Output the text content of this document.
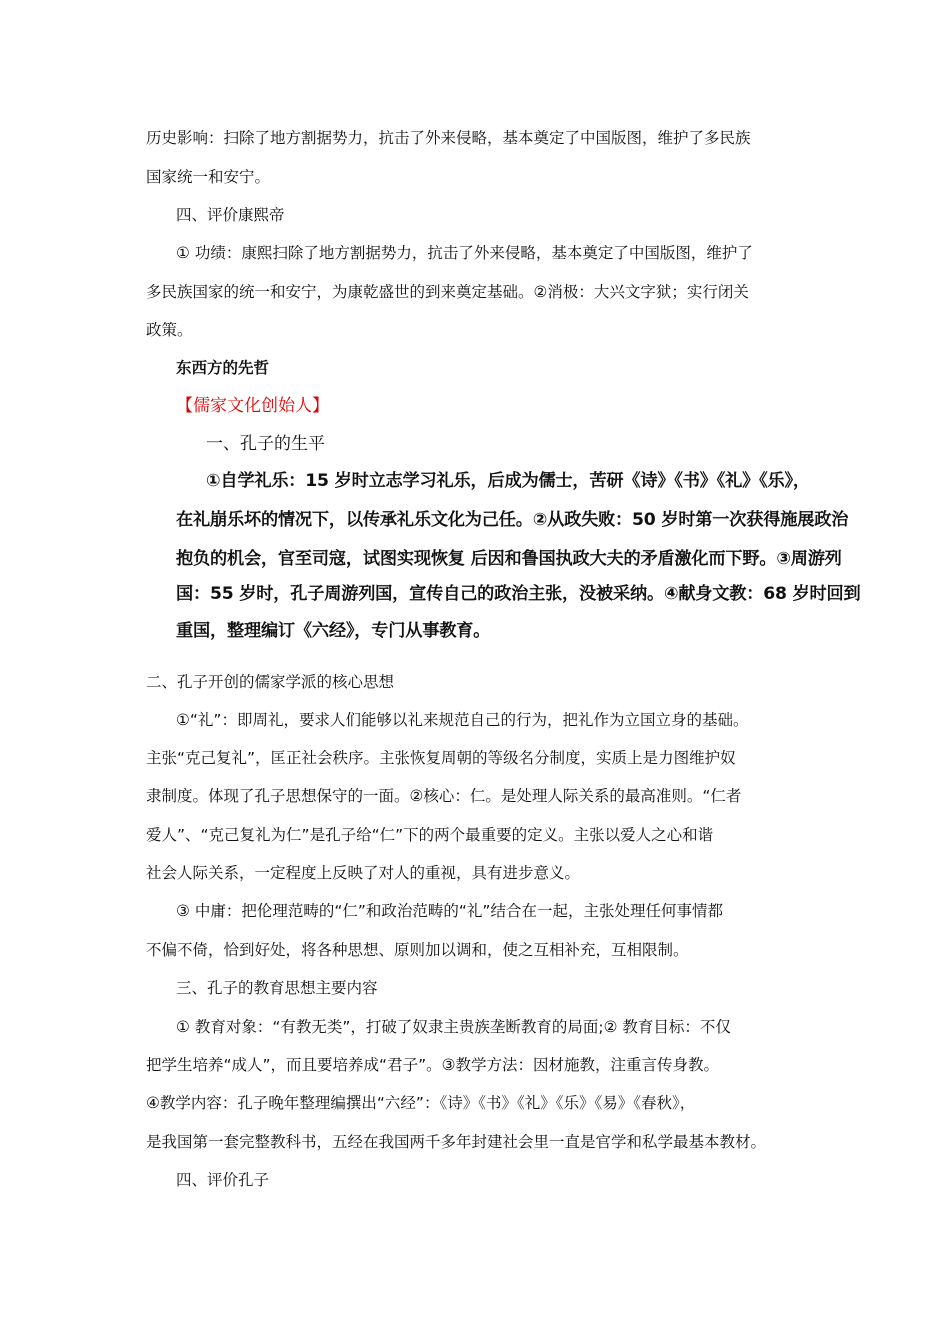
历史影响：扫除了地方割据势力，抗击了外来侵略，基本奠定了中国版图，维护了多民族
国家统一和安宁。
四、评价康熙帝
① 功绩：康熙扫除了地方割据势力，抗击了外来侵略，基本奠定了中国版图，维护了
多民族国家的统一和安宁，为康乾盛世的到来奠定基础。②消极：大兴文字狱；实行闭关
政策。
东西方的先哲
【儒家文化创始人】
一、孔子的生平
①自学礼乐：15 岁时立志学习礼乐，后成为儒士，苦研《诗》《书》《礼》《乐》，
在礼崩乐坏的情况下，以传承礼乐文化为己任。②从政失败：50 岁时第一次获得施展政治
抱负的机会，官至司寇，试图实现恢复 后因和鲁国执政大夫的矛盾激化而下野。③周游列
国：55 岁时，孔子周游列国，宣传自己的政治主张，没被采纳。④献身文教：68 岁时回到
重国，整理编订《六经》，专门从事教育。
二、孔子开创的儒家学派的核心思想
①“礼”：即周礼，要求人们能够以礼来规范自己的行为，把礼作为立国立身的基础。
主张“克己复礼”，匡正社会秩序。主张恢复周朝的等级名分制度，实质上是力图维护奴
隶制度。体现了孔子思想保守的一面。②核心：仁。是处理人际关系的最高准则。“仁者
爱人”、“克己复礼为仁”是孔子给“仁”下的两个最重要的定义。主张以爱人之心和谐
社会人际关系，一定程度上反映了对人的重视，具有进步意义。
③ 中庸：把伦理范畴的“仁”和政治范畴的“礼”结合在一起，主张处理任何事情都
不偏不倚，恰到好处，将各种思想、原则加以调和，使之互相补充，互相限制。
三、孔子的教育思想主要内容
① 教育对象：“有教无类”，打破了奴隶主贵族垄断教育的局面;② 教育目标：不仅
把学生培养“成人”，而且要培养成“君子”。③教学方法：因材施教，注重言传身教。
④教学内容：孔子晚年整理编撰出“六经”：《诗》《书》《礼》《乐》《易》《春秋》，
是我国第一套完整教科书，五经在我国两千多年封建社会里一直是官学和私学最基本教材。
四、评价孔子
